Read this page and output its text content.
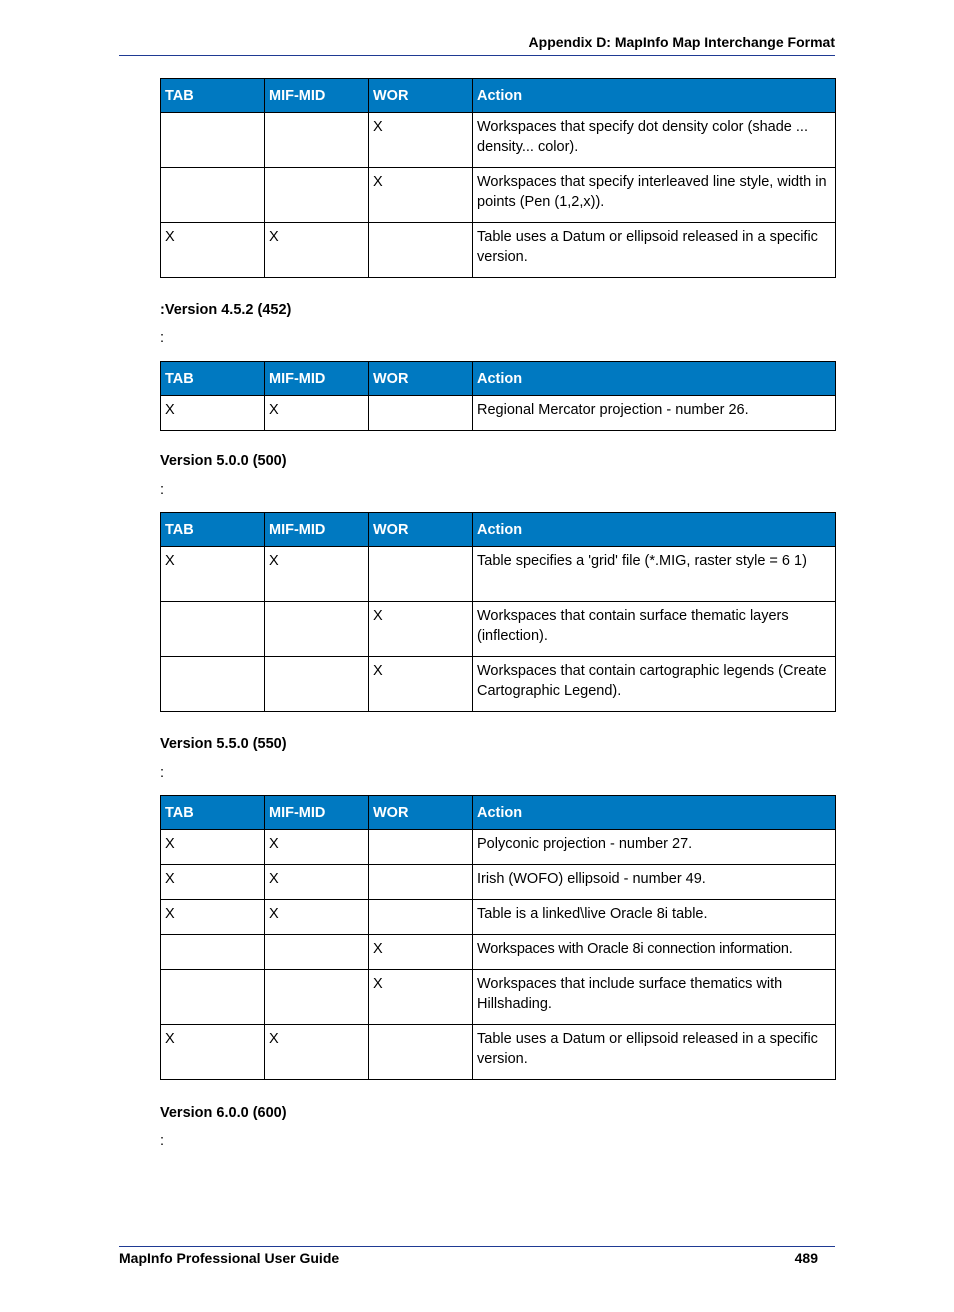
Appendix D: MapInfo Map Interchange Format
TAB	MIF-MID	WOR	Action
		X	Workspaces that specify dot density color (shade ... density... color).
		X	Workspaces that specify interleaved line style, width in points (Pen (1,2,x)).
X	X		Table uses a Datum or ellipsoid released in a specific version.
:Version 4.5.2 (452)
:
TAB	MIF-MID	WOR	Action
X	X		Regional Mercator projection - number 26.
Version 5.0.0 (500)
:
TAB	MIF-MID	WOR	Action
X	X		Table specifies a 'grid' file (*.MIG, raster style = 6 1)
		X	Workspaces that contain surface thematic layers (inflection).
		X	Workspaces that contain cartographic legends (Create Cartographic Legend).
Version 5.5.0 (550)
:
TAB	MIF-MID	WOR	Action
X	X		Polyconic projection - number 27.
X	X		Irish (WOFO) ellipsoid - number 49.
X	X		Table is a linked\live Oracle 8i table.
		X	Workspaces with Oracle 8i connection information.
		X	Workspaces that include surface thematics with Hillshading.
X	X		Table uses a Datum or ellipsoid released in a specific version.
Version 6.0.0 (600)
:
MapInfo Professional User Guide	489
